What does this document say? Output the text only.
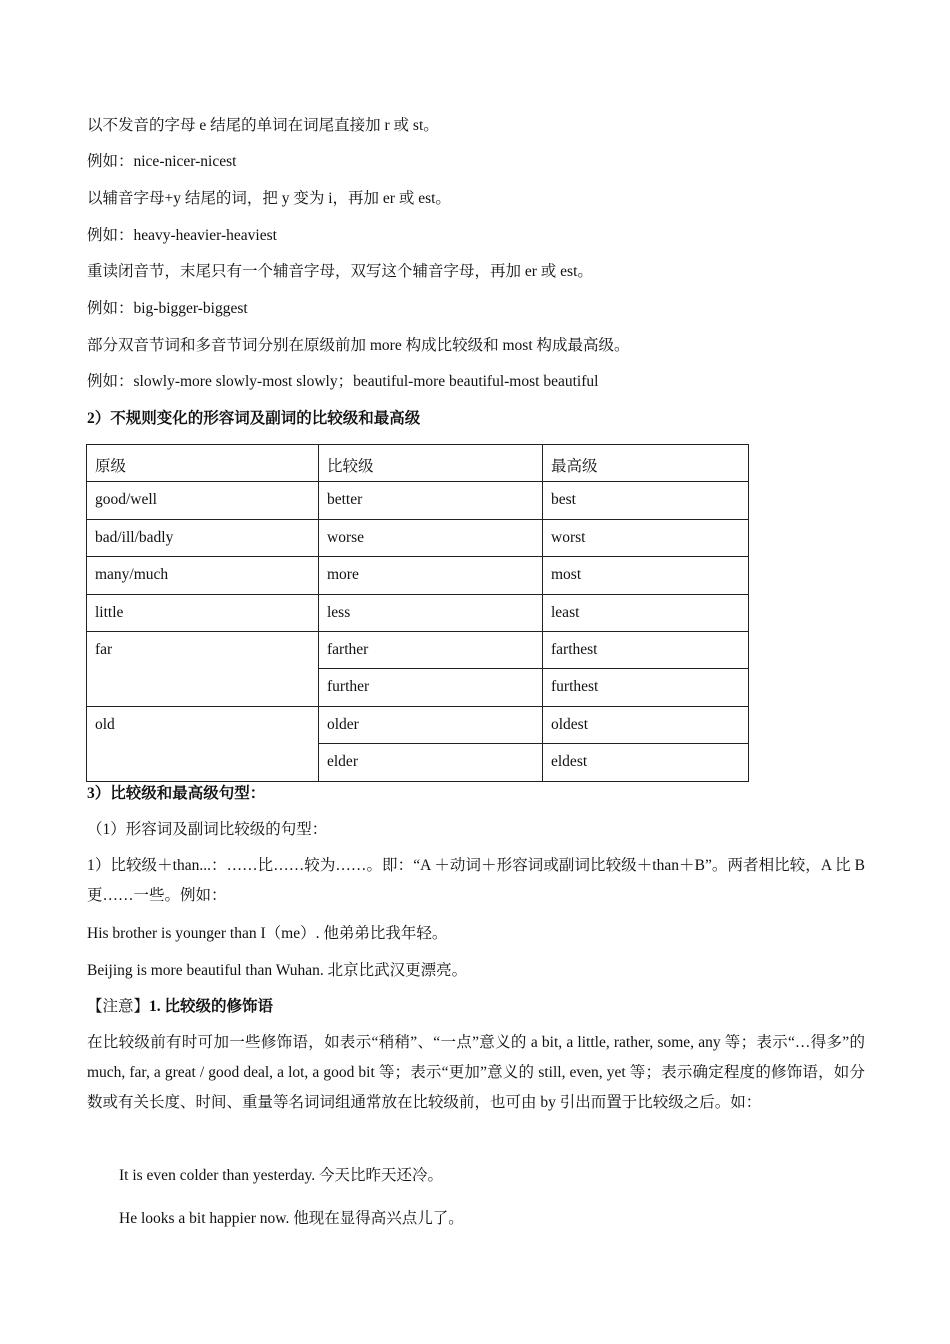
以不发音的字母 e 结尾的单词在词尾直接加 r 或 st。
例如：nice-nicer-nicest
以辅音字母+y 结尾的词，把 y 变为 i，再加 er 或 est。
例如：heavy-heavier-heaviest
重读闭音节，末尾只有一个辅音字母，双写这个辅音字母，再加 er 或 est。
例如：big-bigger-biggest
部分双音节词和多音节词分别在原级前加 more 构成比较级和 most 构成最高级。
例如：slowly-more slowly-most slowly；beautiful-more beautiful-most beautiful
2）不规则变化的形容词及副词的比较级和最高级
原级	比较级	最高级
good/well	better	best
bad/ill/badly	worse	worst
many/much	more	most
little	less	least
far	farther	farthest
	further	furthest
old	older	oldest
	elder	eldest
3）比较级和最高级句型：
（1）形容词及副词比较级的句型：
1）比较级＋than...：……比……较为……。即：“A ＋动词＋形容词或副词比较级＋than＋B”。两者相比较，A 比 B 更……一些。例如：
His brother is younger than I（me）. 他弟弟比我年轻。
Beijing is more beautiful than Wuhan. 北京比武汉更漂亮。
【注意】1. 比较级的修饰语
在比较级前有时可加一些修饰语，如表示“稍稍”、“一点”意义的 a bit, a little, rather, some, any 等；表示“…得多”的 much, far, a great / good deal, a lot, a good bit 等；表示“更加”意义的 still, even, yet 等；表示确定程度的修饰语，如分数或有关长度、时间、重量等名词词组通常放在比较级前，也可由 by 引出而置于比较级之后。如：
It is even colder than yesterday. 今天比昨天还冷。
He looks a bit happier now. 他现在显得高兴点儿了。
